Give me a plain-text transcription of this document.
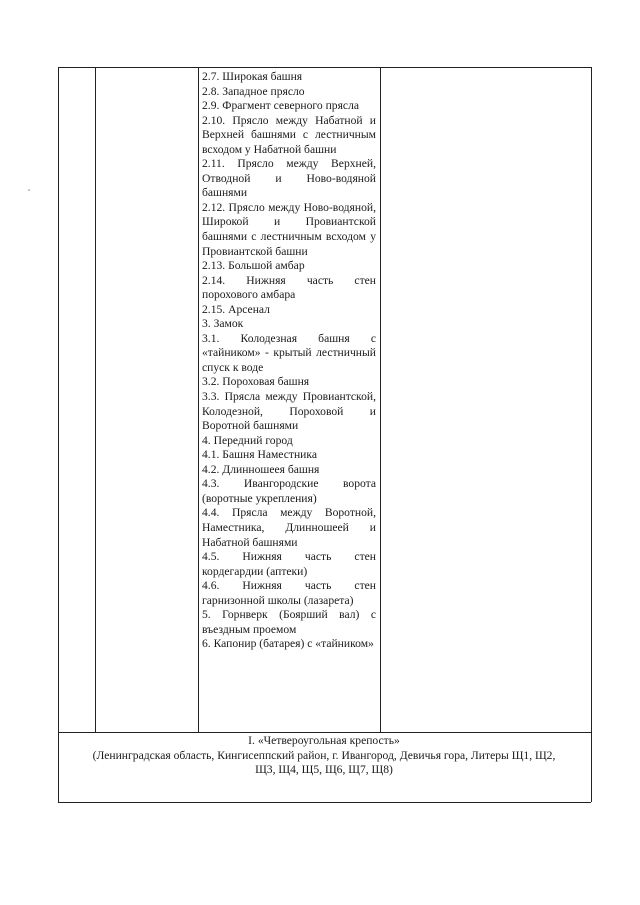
2.7. Широкая башня
2.8. Западное прясло
2.9. Фрагмент северного прясла
2.10. Прясло между Набатной и Верхней башнями с лестничным всходом у Набатной башни
2.11. Прясло между Верхней, Отводной и Ново-водяной башнями
2.12. Прясло между Ново-водяной, Широкой и Провиантской башнями с лестничным всходом у Провиантской башни
2.13. Большой амбар
2.14. Нижняя часть стен порохового амбара
2.15. Арсенал
3. Замок
3.1. Колодезная башня с «тайником» - крытый лестничный спуск к воде
3.2. Пороховая башня
3.3. Прясла между Провиантской, Колодезной, Пороховой и Воротной башнями
4. Передний город
4.1. Башня Наместника
4.2. Длинношеея башня
4.3. Ивангородские ворота (воротные укрепления)
4.4. Прясла между Воротной, Наместника, Длинношеей и Набатной башнями
4.5. Нижняя часть стен кордегардии (аптеки)
4.6. Нижняя часть стен гарнизонной школы (лазарета)
5. Горнверк (Боярший вал) с въездным проемом
6. Капонир (батарея) с «тайником»
I. «Четвероугольная крепость»
(Ленинградская область, Кингисеппский район, г. Ивангород, Девичья гора, Литеры Щ1, Щ2,
Щ3, Щ4, Щ5, Щ6, Щ7, Щ8)
